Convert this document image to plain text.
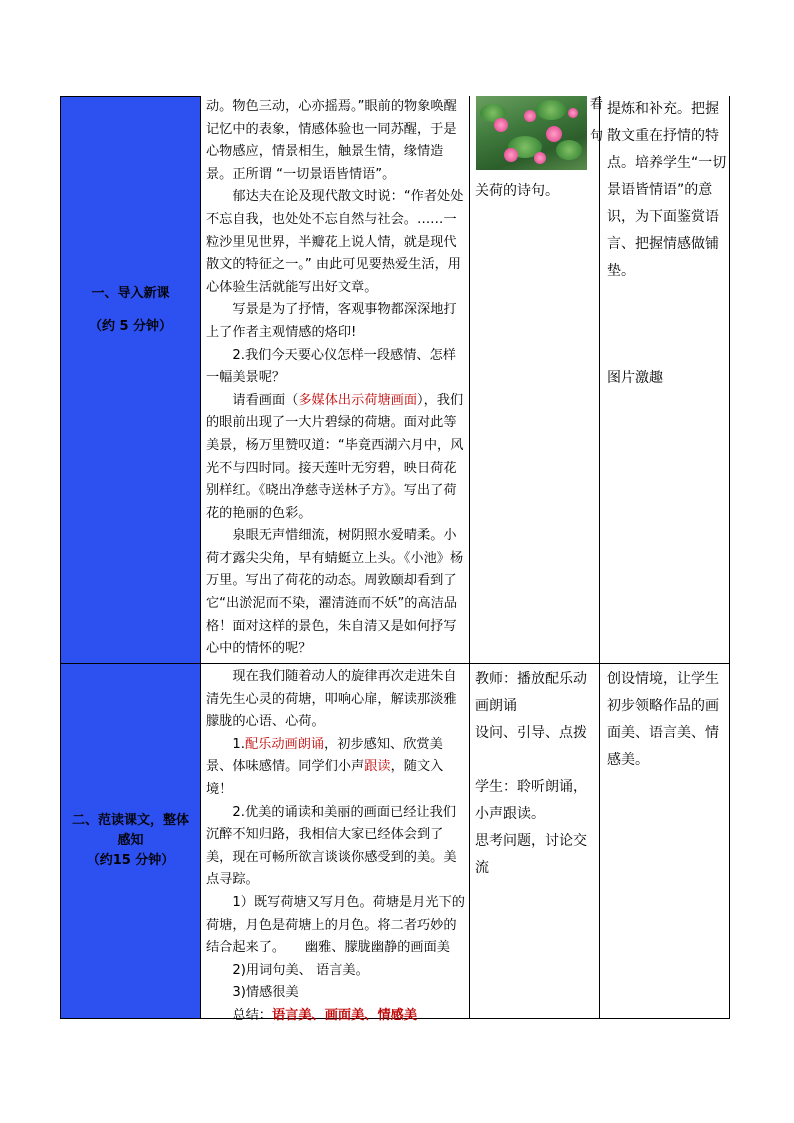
一、导入新课
（约 5 分钟）

动。物色三动，心亦摇焉。”眼前的物象唤醒记忆中的表象，情感体验也一同苏醒，于是心物感应，情景相生，触景生情，缘情造景。正所谓 “一切景语皆情语”。

郁达夫在论及现代散文时说：“作者处处不忘自我，也处处不忘自然与社会。……一粒沙里见世界，半瓣花上说人情，就是现代散文的特征之一。” 由此可见要热爱生活，用心体验生活就能写出好文章。

写景是为了抒情，客观事物都深深地打上了作者主观情感的烙印!

2.我们今天要心仪怎样一段感情、怎样一幅美景呢？

请看画面（多媒体出示荷塘画面），我们的眼前出现了一大片碧绿的荷塘。面对此等美景，杨万里赞叹道：“毕竟西湖六月中，风光不与四时同。接天莲叶无穷碧，映日荷花别样红。《晓出净慈寺送林子方》。写出了荷花的艳丽的色彩。

泉眼无声惜细流，树阴照水爱晴柔。小荷才露尖尖角，早有蜻蜓立上头。《小池》杨万里。写出了荷花的动态。周敦颐却看到了它“出淤泥而不染，濯清涟而不妖”的高洁品格！面对这样的景色，朱自清又是如何抒写心中的情怀的呢？

看
句
关荷的诗句。
提炼和补充。把握散文重在抒情的特点。培养学生“一切景语皆情语”的意识，为下面鉴赏语言、把握情感做铺垫。
图片激趣
二、范读课文，整体感知
（约15 分钟）

现在我们随着动人的旋律再次走进朱自清先生心灵的荷塘，叩响心扉，解读那淡雅朦胧的心语、心荷。

1.配乐动画朗诵，初步感知、欣赏美景、体味感情。同学们小声跟读，随文入境！

2.优美的诵读和美丽的画面已经让我们沉醉不知归路，我相信大家已经体会到了美，现在可畅所欲言谈谈你感受到的美。美点寻踪。

1）既写荷塘又写月色。荷塘是月光下的荷塘，月色是荷塘上的月色。将二者巧妙的结合起来了。　　 幽雅、朦胧幽静的画面美

2)用词句美、 语言美。

3)情感很美

总结：语言美、画面美、情感美

教师：播放配乐动画朗诵
设问、引导、点拨
学生：聆听朗诵，小声跟读。
思考问题，讨论交流
创设情境，让学生初步领略作品的画面美、语言美、情感美。
